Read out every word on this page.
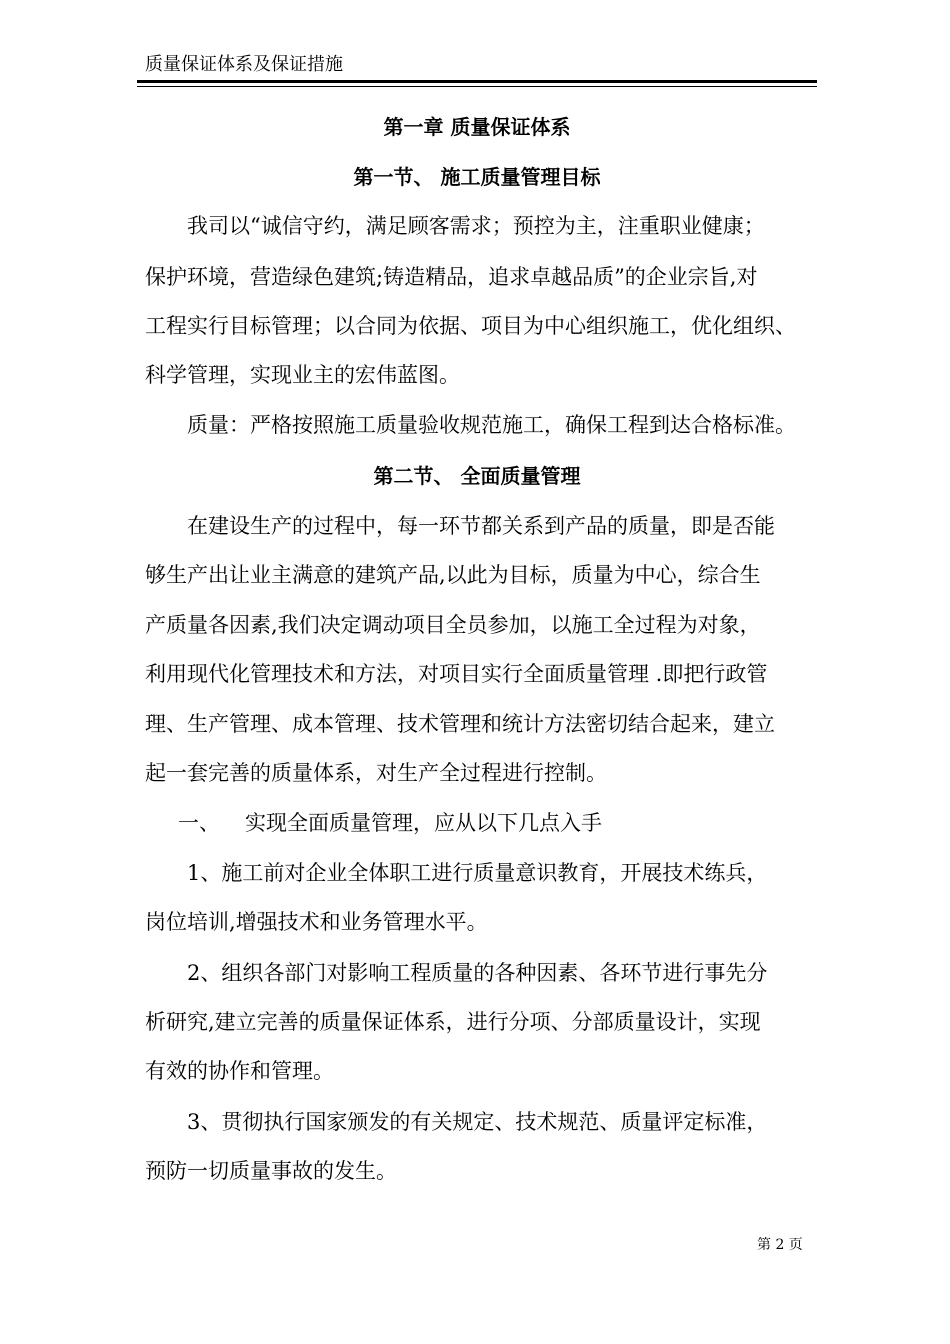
质量保证体系及保证措施
第一章 质量保证体系
第一节、 施工质量管理目标
我司以“诚信守约，满足顾客需求；预控为主，注重职业健康；
保护环境，营造绿色建筑;铸造精品，追求卓越品质”的企业宗旨,对
工程实行目标管理；以合同为依据、项目为中心组织施工，优化组织、
科学管理，实现业主的宏伟蓝图。
质量：严格按照施工质量验收规范施工，确保工程到达合格标准。
第二节、 全面质量管理
在建设生产的过程中，每一环节都关系到产品的质量，即是否能
够生产出让业主满意的建筑产品,以此为目标，质量为中心，综合生
产质量各因素,我们决定调动项目全员参加，以施工全过程为对象，
利用现代化管理技术和方法，对项目实行全面质量管理 .即把行政管
理、生产管理、成本管理、技术管理和统计方法密切结合起来，建立
起一套完善的质量体系，对生产全过程进行控制。
一、 实现全面质量管理，应从以下几点入手
1、施工前对企业全体职工进行质量意识教育，开展技术练兵，
岗位培训,增强技术和业务管理水平。
2、组织各部门对影响工程质量的各种因素、各环节进行事先分
析研究,建立完善的质量保证体系，进行分项、分部质量设计，实现
有效的协作和管理。
3、贯彻执行国家颁发的有关规定、技术规范、质量评定标准，
预防一切质量事故的发生。
第 2 页
